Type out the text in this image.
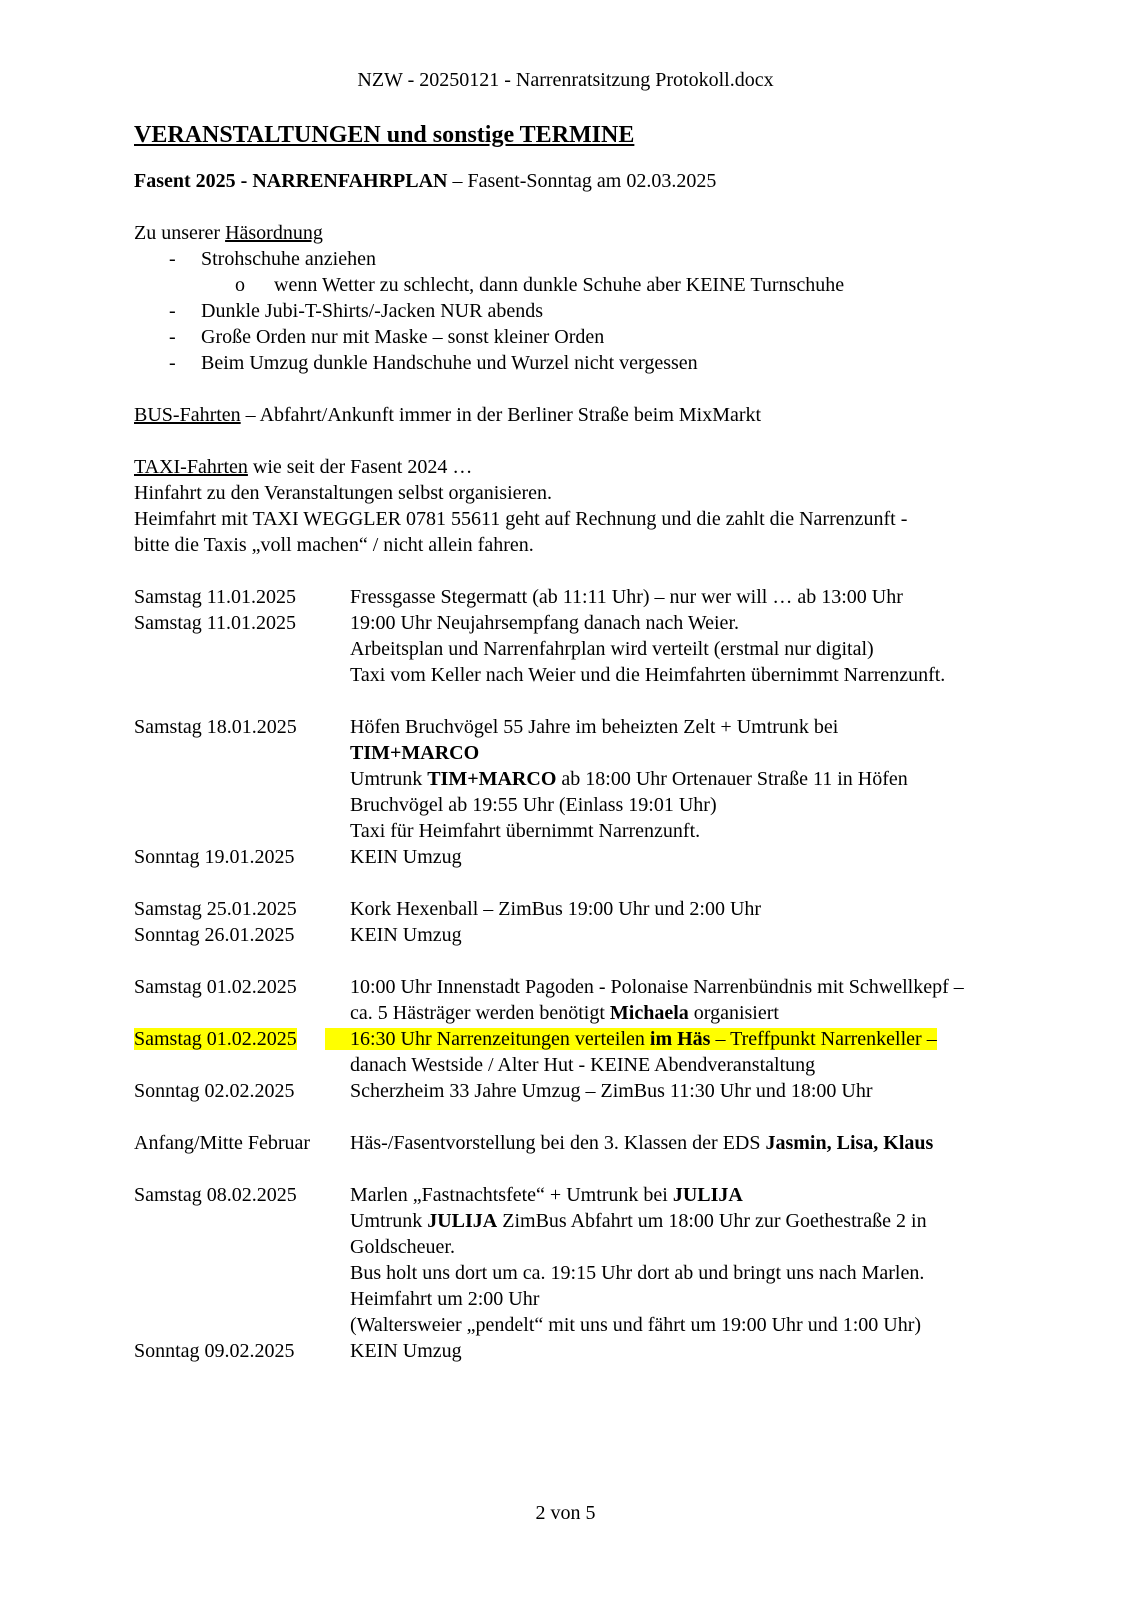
NZW - 20250121 - Narrenratsitzung Protokoll.docx
VERANSTALTUNGEN und sonstige TERMINE
Fasent 2025 - NARRENFAHRPLAN – Fasent-Sonntag am 02.03.2025
Zu unserer Häsordnung
- Strohschuhe anziehen
o wenn Wetter zu schlecht, dann dunkle Schuhe aber KEINE Turnschuhe
- Dunkle Jubi-T-Shirts/-Jacken NUR abends
- Große Orden nur mit Maske – sonst kleiner Orden
- Beim Umzug dunkle Handschuhe und Wurzel nicht vergessen
BUS-Fahrten – Abfahrt/Ankunft immer in der Berliner Straße beim MixMarkt
TAXI-Fahrten wie seit der Fasent 2024 …
Hinfahrt zu den Veranstaltungen selbst organisieren.
Heimfahrt mit TAXI WEGGLER 0781 55611 geht auf Rechnung und die zahlt die Narrenzunft -
bitte die Taxis „voll machen“ / nicht allein fahren.
Samstag 11.01.2025	Fressgasse Stegermatt (ab 11:11 Uhr) – nur wer will … ab 13:00 Uhr
Samstag 11.01.2025	19:00 Uhr Neujahrsempfang danach nach Weier.
Arbeitsplan und Narrenfahrplan wird verteilt (erstmal nur digital)
Taxi vom Keller nach Weier und die Heimfahrten übernimmt Narrenzunft.
Samstag 18.01.2025	Höfen Bruchvögel 55 Jahre im beheizten Zelt + Umtrunk bei
TIM+MARCO
Umtrunk TIM+MARCO ab 18:00 Uhr Ortenauer Straße 11 in Höfen
Bruchvögel ab 19:55 Uhr (Einlass 19:01 Uhr)
Taxi für Heimfahrt übernimmt Narrenzunft.
Sonntag 19.01.2025	KEIN Umzug
Samstag 25.01.2025	Kork Hexenball – ZimBus 19:00 Uhr und 2:00 Uhr
Sonntag 26.01.2025	KEIN Umzug
Samstag 01.02.2025	10:00 Uhr Innenstadt Pagoden - Polonaise Narrenbündnis mit Schwellkepf –
ca. 5 Hästräger werden benötigt Michaela organisiert
Samstag 01.02.2025	16:30 Uhr Narrenzeitungen verteilen im Häs – Treffpunkt Narrenkeller –
danach Westside / Alter Hut - KEINE Abendveranstaltung
Sonntag 02.02.2025	Scherzheim 33 Jahre Umzug – ZimBus 11:30 Uhr und 18:00 Uhr
Anfang/Mitte Februar	Häs-/Fasentvorstellung bei den 3. Klassen der EDS Jasmin, Lisa, Klaus
Samstag 08.02.2025	Marlen „Fastnachtsfete“ + Umtrunk bei JULIJA
Umtrunk JULIJA ZimBus Abfahrt um 18:00 Uhr zur Goethestraße 2 in
Goldscheuer.
Bus holt uns dort um ca. 19:15 Uhr dort ab und bringt uns nach Marlen.
Heimfahrt um 2:00 Uhr
(Waltersweier „pendelt“ mit uns und fährt um 19:00 Uhr und 1:00 Uhr)
Sonntag 09.02.2025	KEIN Umzug
2 von 5
